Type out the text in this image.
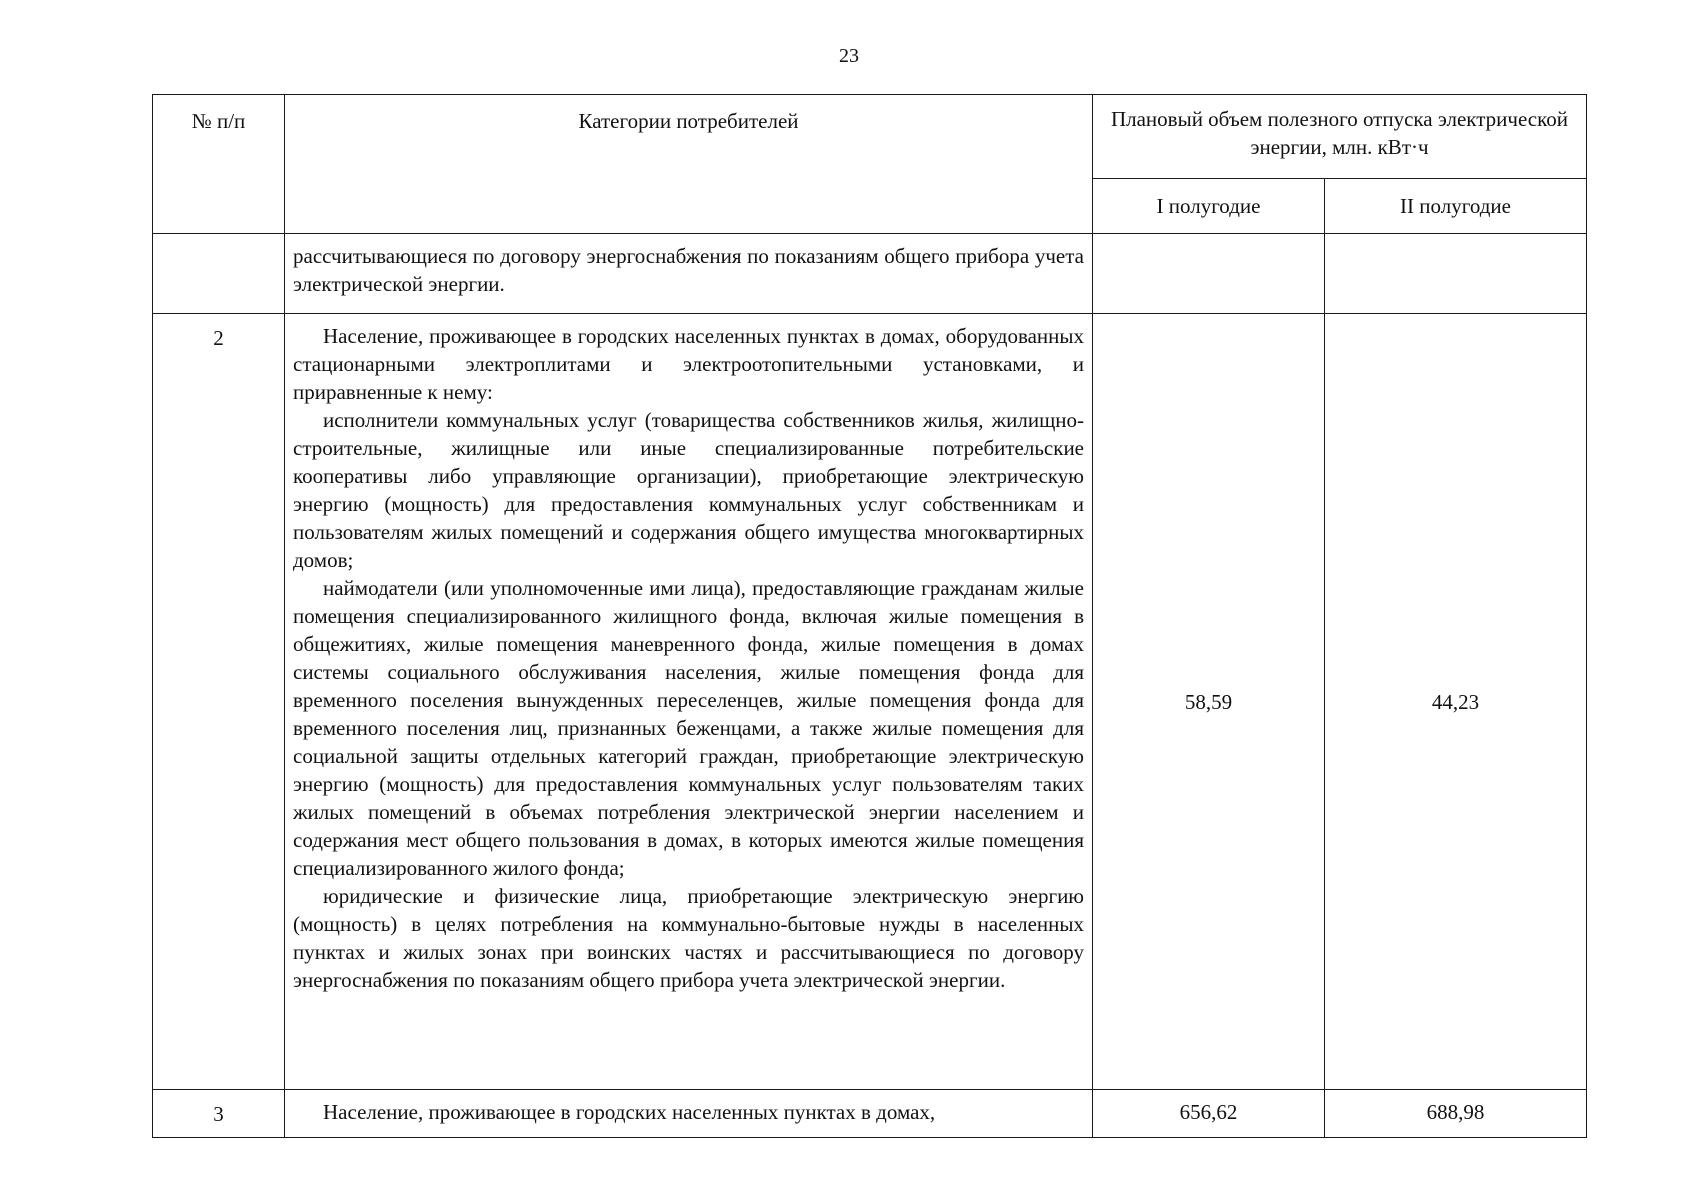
23
№ п/п	Категории потребителей	Плановый объем полезного отпуска электрической энергии, млн. кВт·ч	
		I полугодие	II полугодие

	рассчитывающиеся по договору энергоснабжения по показаниям общего прибора учета электрической энергии.		

2	Население, проживающее в городских населенных пунктах в домах, оборудованных стационарными электроплитами и электроотопительными установками, и приравненные к нему:

исполнители коммунальных услуг (товарищества собственников жилья, жилищно-строительные, жилищные или иные специализированные потребительские кооперативы либо управляющие организации), приобретающие электрическую энергию (мощность) для предоставления коммунальных услуг собственникам и пользователям жилых помещений и содержания общего имущества многоквартирных домов;

наймодатели (или уполномоченные ими лица), предоставляющие гражданам жилые помещения специализированного жилищного фонда, включая жилые помещения в общежитиях, жилые помещения маневренного фонда, жилые помещения в домах системы социального обслуживания населения, жилые помещения фонда для временного поселения вынужденных переселенцев, жилые помещения фонда для временного поселения лиц, признанных беженцами, а также жилые помещения для социальной защиты отдельных категорий граждан, приобретающие электрическую энергию (мощность) для предоставления коммунальных услуг пользователям таких жилых помещений в объемах потребления электрической энергии населением и содержания мест общего пользования в домах, в которых имеются жилые помещения специализированного жилого фонда;

юридические и физические лица, приобретающие электрическую энергию (мощность) в целях потребления на коммунально-бытовые нужды в населенных пунктах и жилых зонах при воинских частях и рассчитывающиеся по договору энергоснабжения по показаниям общего прибора учета электрической энергии.	58,59	44,23
3	Население, проживающее в городских населенных пунктах в домах,	656,62	688,98
